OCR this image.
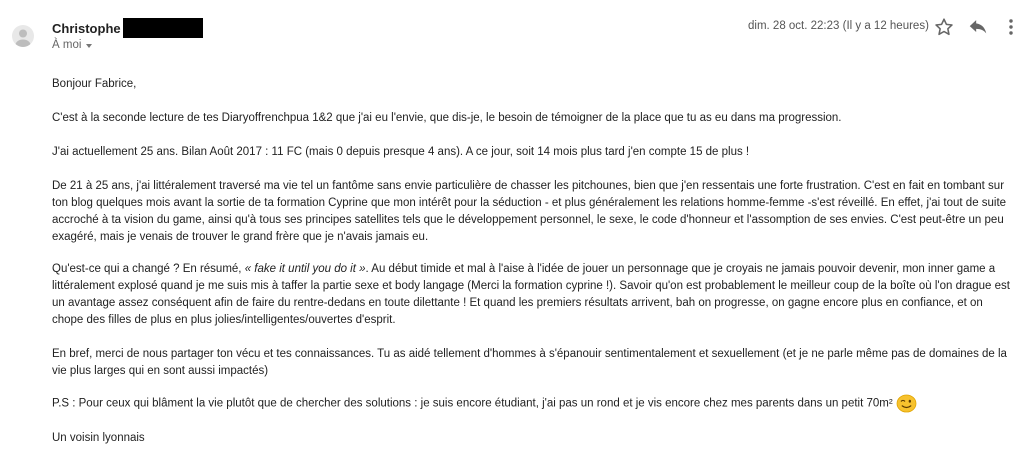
Christophe
À moi
dim. 28 oct. 22:23 (Il y a 12 heures)

Bonjour Fabrice,

C'est à la seconde lecture de tes Diaryoffrenchpua 1&2 que j'ai eu l'envie, que dis-je, le besoin de témoigner de la place que tu as eu dans ma progression.

J'ai actuellement 25 ans. Bilan Août 2017 : 11 FC (mais 0 depuis presque 4 ans). A ce jour, soit 14 mois plus tard j'en compte 15 de plus !

De 21 à 25 ans, j'ai littéralement traversé ma vie tel un fantôme sans envie particulière de chasser les pitchounes, bien que j'en ressentais une forte frustration. C'est en fait en tombant sur ton blog quelques mois avant la sortie de ta formation Cyprine que mon intérêt pour la séduction - et plus généralement les relations homme-femme -s'est réveillé. En effet, j'ai tout de suite accroché à ta vision du game, ainsi qu'à tous ses principes satellites tels que le développement personnel, le sexe, le code d'honneur et l'assomption de ses envies. C'est peut-être un peu exagéré, mais je venais de trouver le grand frère que je n'avais jamais eu.

Qu'est-ce qui a changé ? En résumé, « fake it until you do it ». Au début timide et mal à l'aise à l'idée de jouer un personnage que je croyais ne jamais pouvoir devenir, mon inner game a littéralement explosé quand je me suis mis à taffer la partie sexe et body langage (Merci la formation cyprine !). Savoir qu'on est probablement le meilleur coup de la boîte où l'on drague est un avantage assez conséquent afin de faire du rentre-dedans en toute dilettante ! Et quand les premiers résultats arrivent, bah on progresse, on gagne encore plus en confiance, et on chope des filles de plus en plus jolies/intelligentes/ouvertes d'esprit.

En bref, merci de nous partager ton vécu et tes connaissances. Tu as aidé tellement d'hommes à s'épanouir sentimentalement et sexuellement (et je ne parle même pas de domaines de la vie plus larges qui en sont aussi impactés)

P.S : Pour ceux qui blâment la vie plutôt que de chercher des solutions : je suis encore étudiant, j'ai pas un rond et je vis encore chez mes parents dans un petit 70m²

Un voisin lyonnais
